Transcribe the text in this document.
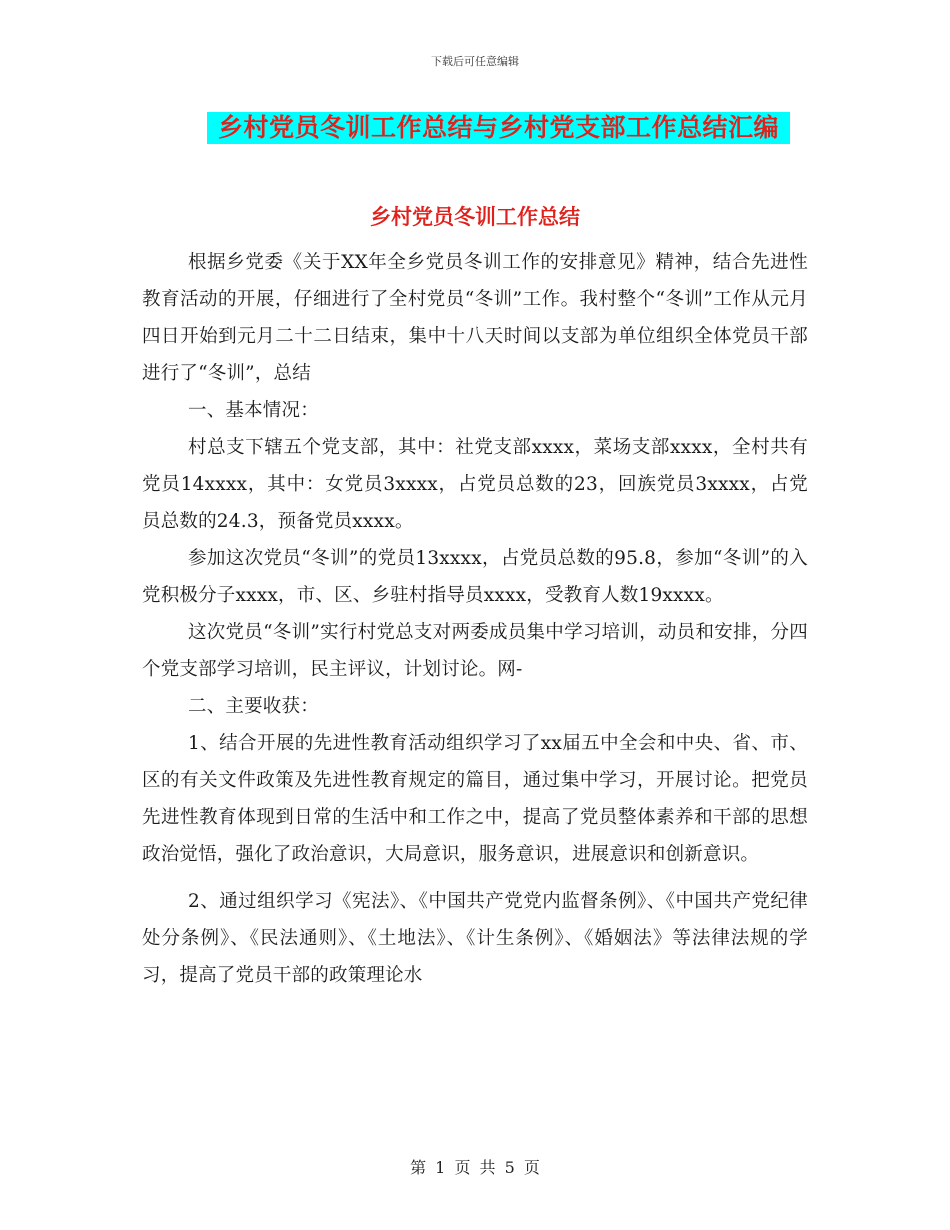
下载后可任意编辑
乡村党员冬训工作总结与乡村党支部工作总结汇编
乡村党员冬训工作总结

根据乡党委《关于XX年全乡党员冬训工作的安排意见》精神，结合先进性教育活动的开展，仔细进行了全村党员“冬训”工作。我村整个“冬训”工作从元月四日开始到元月二十二日结束，集中十八天时间以支部为单位组织全体党员干部进行了“冬训”，总结

一、基本情况：

村总支下辖五个党支部，其中：社党支部xxxx，菜场支部xxxx，全村共有党员14xxxx，其中：女党员3xxxx，占党员总数的23，回族党员3xxxx，占党员总数的24.3，预备党员xxxx。

参加这次党员“冬训”的党员13xxxx，占党员总数的95.8，参加“冬训”的入党积极分子xxxx，市、区、乡驻村指导员xxxx，受教育人数19xxxx。

这次党员“冬训”实行村党总支对两委成员集中学习培训，动员和安排，分四个党支部学习培训，民主评议，计划讨论。网-

二、主要收获：

1、结合开展的先进性教育活动组织学习了xx届五中全会和中央、省、市、区的有关文件政策及先进性教育规定的篇目，通过集中学习，开展讨论。把党员先进性教育体现到日常的生活中和工作之中，提高了党员整体素养和干部的思想政治觉悟，强化了政治意识，大局意识，服务意识，进展意识和创新意识。

2、通过组织学习《宪法》、《中国共产党党内监督条例》、《中国共产党纪律处分条例》、《民法通则》、《土地法》、《计生条例》、《婚姻法》等法律法规的学习，提高了党员干部的政策理论水

第 1 页 共 5 页
